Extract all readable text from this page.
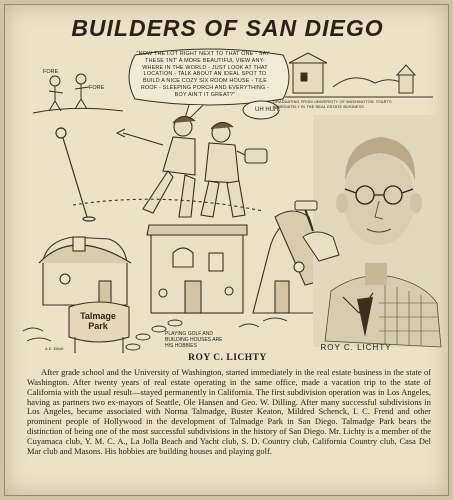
BUILDERS OF SAN DIEGO
"NOW THE LOT RIGHT NEXT TO THAT ONE - SAY - THESE 'INT' A MORE BEAUTIFUL VIEW ANY-WHERE IN THE WORLD - JUST LOOK AT THAT LOCATION - TALK ABOUT AN IDEAL SPOT TO BUILD A NICE COZY SIX ROOM HOUSE - TILE ROOF - SLEEPING PORCH AND EVERYTHING - BOY AIN'T IT GREAT?"
UH HUH
FORE
FORE
GRADUATING FROM UNIVERSITY OF WASHINGTON. STARTS IMMEDIATELY IN THE REAL ESTATE BUSINESS
Talmage Park
PLAYING GOLF AND BUILDING HOUSES ARE HIS HOBBIES
A.E. Elliott	ROY C. LICHTY
ROY C. LICHTY
After grade school and the University of Washington, started immediately in the real estate business in the state of Washington. After twenty years of real estate operating in the same office, made a vacation trip to the state of California with the usual result—stayed permanently in California. The first subdivision operation was in Los Angeles, having as partners two ex-mayors of Seattle, Ole Hansen and Geo. W. Dilling. After many successful subdivisions in Los Angeles, became associated with Norma Talmadge, Buster Keaton, Mildred Schenck, I. C. Frend and other prominent people of Hollywood in the development of Talmadge Park in San Diego. Talmadge Park bears the distinction of being one of the most successful subdivisions in the history of San Diego. Mr. Lichty is a member of the Cuyamaca club, Y. M. C. A., La Jolla Beach and Yacht club, S. D. Country club, California Country club, Casa Del Mar club and Masons. His hobbies are building houses and playing golf.
